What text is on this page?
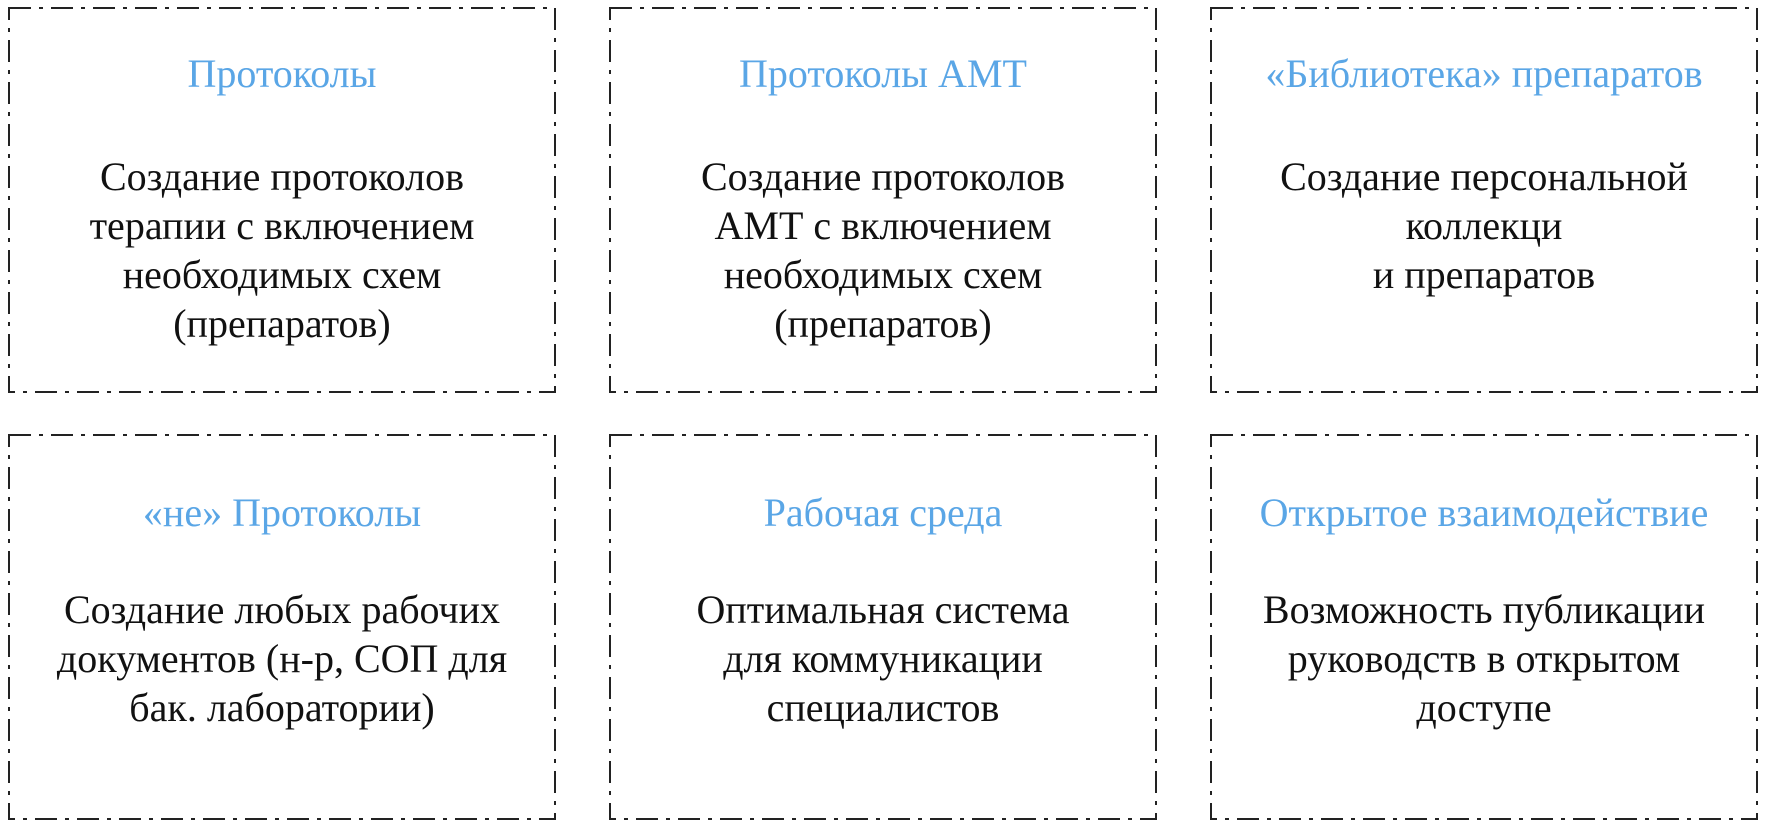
Протоколы
Создание протоколов
терапии с включением
необходимых схем
(препаратов)
Протоколы АМТ
Создание протоколов
АМТ с включением
необходимых схем
(препаратов)
«Библиотека» препаратов
Создание персональной
коллекци
и препаратов
«не» Протоколы
Создание любых рабочих
документов (н-р, СОП для
бак. лаборатории)
Рабочая среда
Оптимальная система
для коммуникации
специалистов
Открытое взаимодействие
Возможность публикации
руководств в открытом
доступе
